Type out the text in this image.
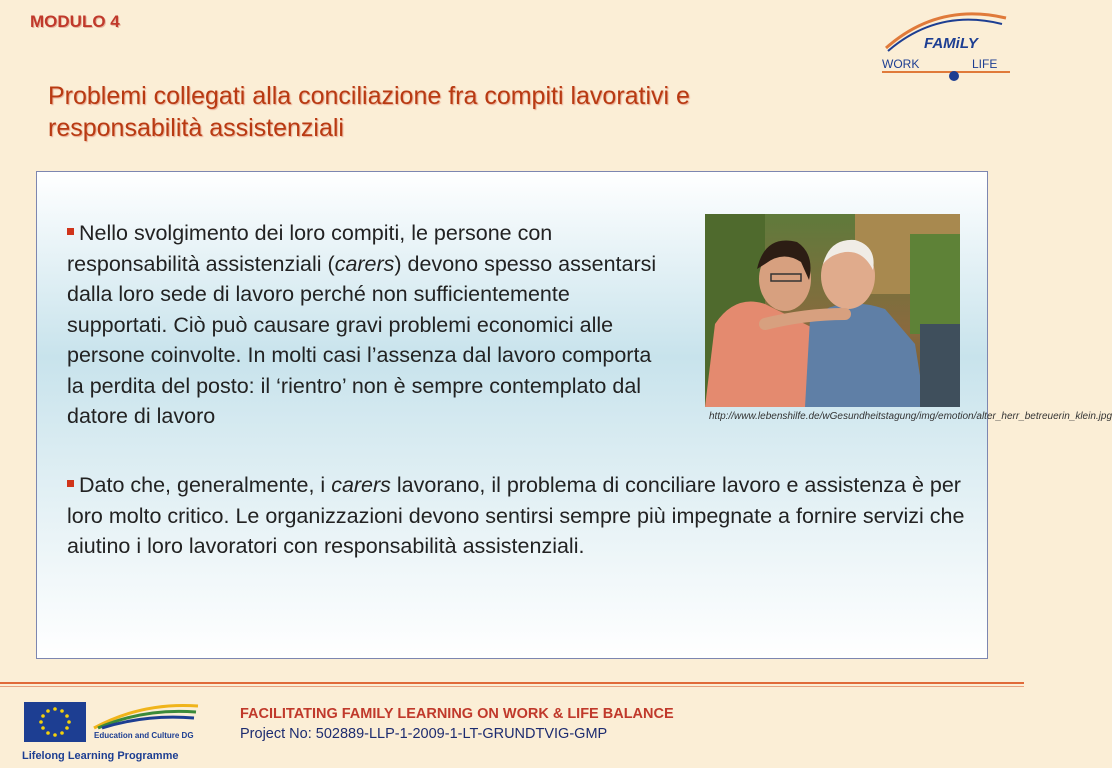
MODULO 4
Problemi collegati alla conciliazione fra compiti lavorativi e responsabilità assistenziali
FAMiLY
WORK	LIFE

Nello svolgimento dei loro compiti, le persone con responsabilità assistenziali (carers) devono spesso assentarsi dalla loro sede di lavoro perché non sufficientemente supportati. Ciò può causare gravi problemi economici alle persone coinvolte. In molti casi l’assenza dal lavoro comporta la perdita del posto: il ‘rientro’ non è sempre contemplato dal datore di lavoro	http://www.lebenshilfe.de/wGesundheitstagung/img/emotion/alter_herr_betreuerin_klein.jpg

Dato che, generalmente, i carers lavorano, il problema di conciliare lavoro e assistenza è per loro molto critico. Le organizzazioni devono sentirsi sempre più impegnate a fornire servizi che aiutino i loro lavoratori con responsabilità assistenziali.

Education and Culture DG
Lifelong Learning Programme
FACILITATING FAMILY LEARNING ON WORK & LIFE BALANCE
Project No: 502889-LLP-1-2009-1-LT-GRUNDTVIG-GMP
